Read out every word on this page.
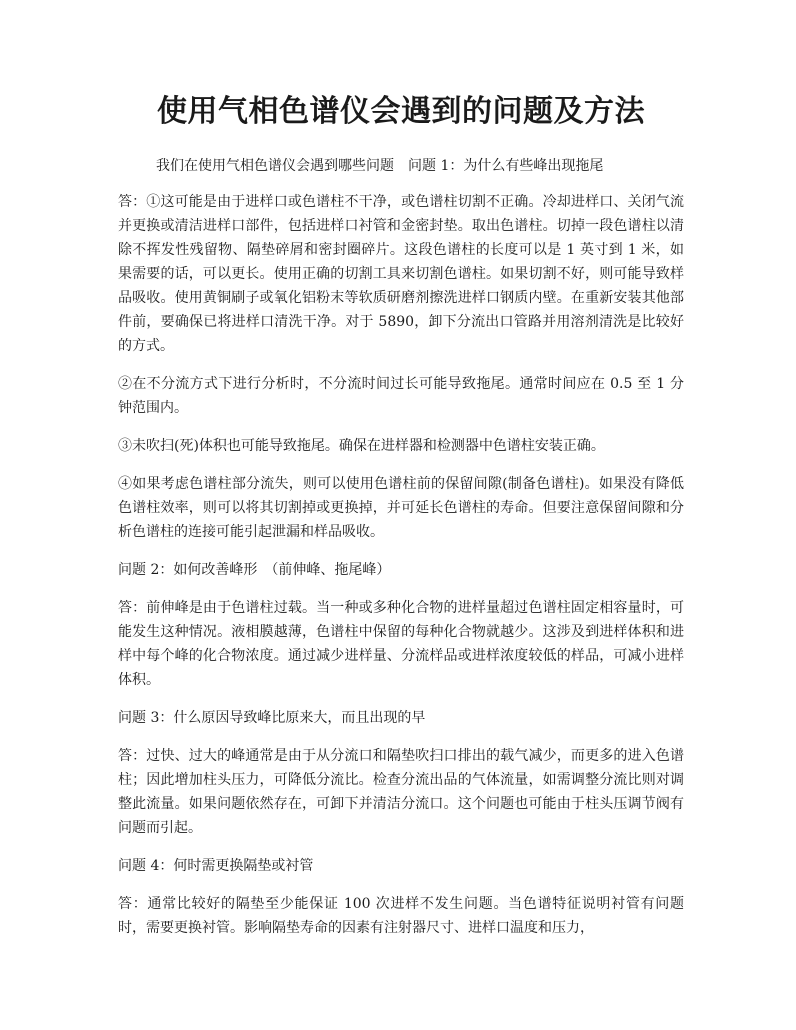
使用气相色谱仪会遇到的问题及方法

我们在使用气相色谱仪会遇到哪些问题　问题 1：为什么有些峰出现拖尾

答：①这可能是由于进样口或色谱柱不干净，或色谱柱切割不正确。冷却进样口、关闭气流并更换或清洁进样口部件，包括进样口衬管和金密封垫。取出色谱柱。切掉一段色谱柱以清除不挥发性残留物、隔垫碎屑和密封圈碎片。这段色谱柱的长度可以是 1 英寸到 1 米，如果需要的话，可以更长。使用正确的切割工具来切割色谱柱。如果切割不好，则可能导致样品吸收。使用黄铜刷子或氧化铝粉末等软质研磨剂擦洗进样口钢质内壁。在重新安装其他部件前，要确保已将进样口清洗干净。对于 5890，卸下分流出口管路并用溶剂清洗是比较好的方式。

②在不分流方式下进行分析时，不分流时间过长可能导致拖尾。通常时间应在 0.5 至 1 分钟范围内。

③未吹扫(死)体积也可能导致拖尾。确保在进样器和检测器中色谱柱安装正确。

④如果考虑色谱柱部分流失，则可以使用色谱柱前的保留间隙(制备色谱柱)。如果没有降低色谱柱效率，则可以将其切割掉或更换掉，并可延长色谱柱的寿命。但要注意保留间隙和分析色谱柱的连接可能引起泄漏和样品吸收。

问题 2：如何改善峰形　（前伸峰、拖尾峰）

答：前伸峰是由于色谱柱过载。当一种或多种化合物的进样量超过色谱柱固定相容量时，可能发生这种情况。液相膜越薄，色谱柱中保留的每种化合物就越少。这涉及到进样体积和进样中每个峰的化合物浓度。通过减少进样量、分流样品或进样浓度较低的样品，可减小进样体积。

问题 3：什么原因导致峰比原来大，而且出现的早

答：过快、过大的峰通常是由于从分流口和隔垫吹扫口排出的载气减少，而更多的进入色谱柱；因此增加柱头压力，可降低分流比。检查分流出品的气体流量，如需调整分流比则对调整此流量。如果问题依然存在，可卸下并清洁分流口。这个问题也可能由于柱头压调节阀有问题而引起。

问题 4：何时需更换隔垫或衬管

答：通常比较好的隔垫至少能保证 100 次进样不发生问题。当色谱特征说明衬管有问题时，需要更换衬管。影响隔垫寿命的因素有注射器尺寸、进样口温度和压力，
